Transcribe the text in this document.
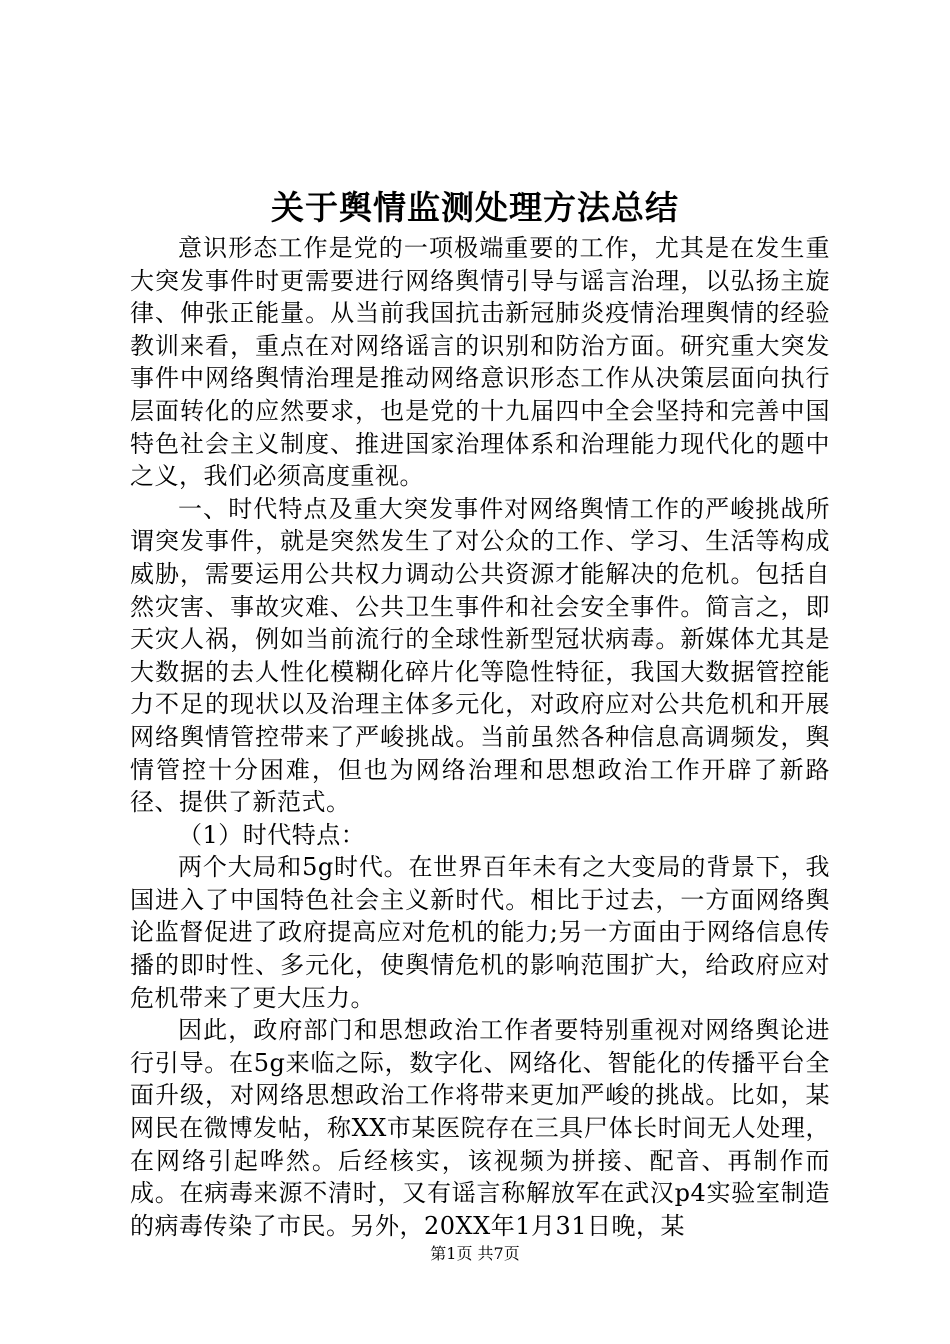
关于舆情监测处理方法总结

意识形态工作是党的一项极端重要的工作，尤其是在发生重大突发事件时更需要进行网络舆情引导与谣言治理，以弘扬主旋律、伸张正能量。从当前我国抗击新冠肺炎疫情治理舆情的经验教训来看，重点在对网络谣言的识别和防治方面。研究重大突发事件中网络舆情治理是推动网络意识形态工作从决策层面向执行层面转化的应然要求，也是党的十九届四中全会坚持和完善中国特色社会主义制度、推进国家治理体系和治理能力现代化的题中之义，我们必须高度重视。

一、时代特点及重大突发事件对网络舆情工作的严峻挑战所谓突发事件，就是突然发生了对公众的工作、学习、生活等构成威胁，需要运用公共权力调动公共资源才能解决的危机。包括自然灾害、事故灾难、公共卫生事件和社会安全事件。简言之，即天灾人祸，例如当前流行的全球性新型冠状病毒。新媒体尤其是大数据的去人性化模糊化碎片化等隐性特征，我国大数据管控能力不足的现状以及治理主体多元化，对政府应对公共危机和开展网络舆情管控带来了严峻挑战。当前虽然各种信息高调频发，舆情管控十分困难，但也为网络治理和思想政治工作开辟了新路径、提供了新范式。

（1）时代特点：

两个大局和5g时代。在世界百年未有之大变局的背景下，我国进入了中国特色社会主义新时代。相比于过去，一方面网络舆论监督促进了政府提高应对危机的能力;另一方面由于网络信息传播的即时性、多元化，使舆情危机的影响范围扩大，给政府应对危机带来了更大压力。

因此，政府部门和思想政治工作者要特别重视对网络舆论进行引导。在5g来临之际，数字化、网络化、智能化的传播平台全面升级，对网络思想政治工作将带来更加严峻的挑战。比如，某网民在微博发帖，称XX市某医院存在三具尸体长时间无人处理，在网络引起哗然。后经核实，该视频为拼接、配音、再制作而成。在病毒来源不清时，又有谣言称解放军在武汉p4实验室制造的病毒传染了市民。另外，20XX年1月31日晚，某

第1页 共7页
